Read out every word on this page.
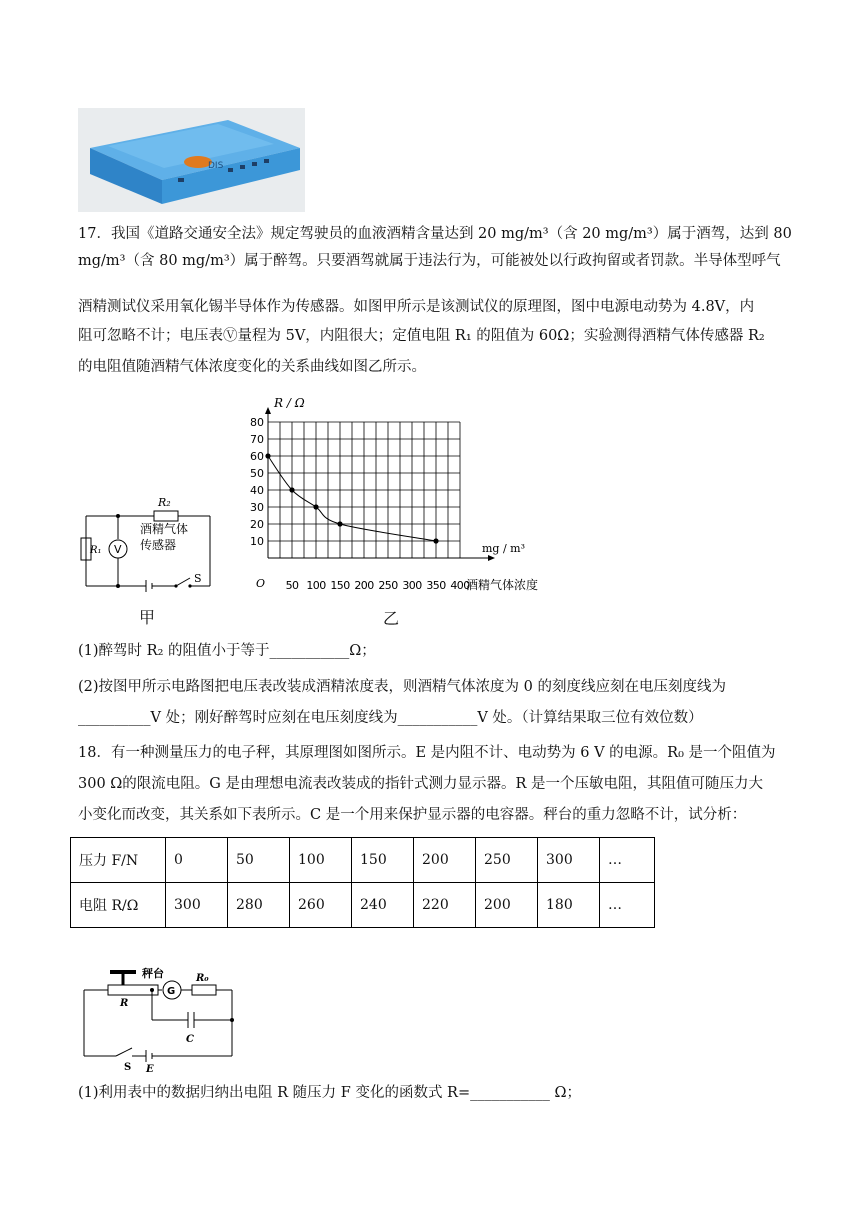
DIS
17．我国《道路交通安全法》规定驾驶员的血液酒精含量达到 20 mg/m³（含 20 mg/m³）属于酒驾，达到 80
mg/m³（含 80 mg/m³）属于醉驾。只要酒驾就属于违法行为，可能被处以行政拘留或者罚款。半导体型呼气
酒精测试仪采用氧化锡半导体作为传感器。如图甲所示是该测试仪的原理图，图中电源电动势为 4.8V，内
阻可忽略不计；电压表Ⓥ量程为 5V，内阻很大；定值电阻 R₁ 的阻值为 60Ω；实验测得酒精气体传感器 R₂
的电阻值随酒精气体浓度变化的关系曲线如图乙所示。
R₂
R₁ V
酒精气体
传感器
S
甲
10
20
30
40
50
60
70
80
50 100 150 200 250 300 350 400
O
R / Ω
mg / m³
酒精气体浓度
乙
(1)醉驾时 R₂ 的阻值小于等于___________Ω；
(2)按图甲所示电路图把电压表改装成酒精浓度表，则酒精气体浓度为 0 的刻度线应刻在电压刻度线为
__________V 处；刚好醉驾时应刻在电压刻度线为___________V 处。（计算结果取三位有效位数）
18．有一种测量压力的电子秤，其原理图如图所示。E 是内阻不计、电动势为 6 V 的电源。R₀ 是一个阻值为
300 Ω的限流电阻。G 是由理想电流表改装成的指针式测力显示器。R 是一个压敏电阻，其阻值可随压力大
小变化而改变，其关系如下表所示。C 是一个用来保护显示器的电容器。秤台的重力忽略不计，试分析：
压力 F/N	0	50	100	150	200	250	300	…
电阻 R/Ω	300	280	260	240	220	200	180	…
秤台
R
G
R₀
C
S E
(1)利用表中的数据归纳出电阻 R 随压力 F 变化的函数式 R=___________ Ω；
